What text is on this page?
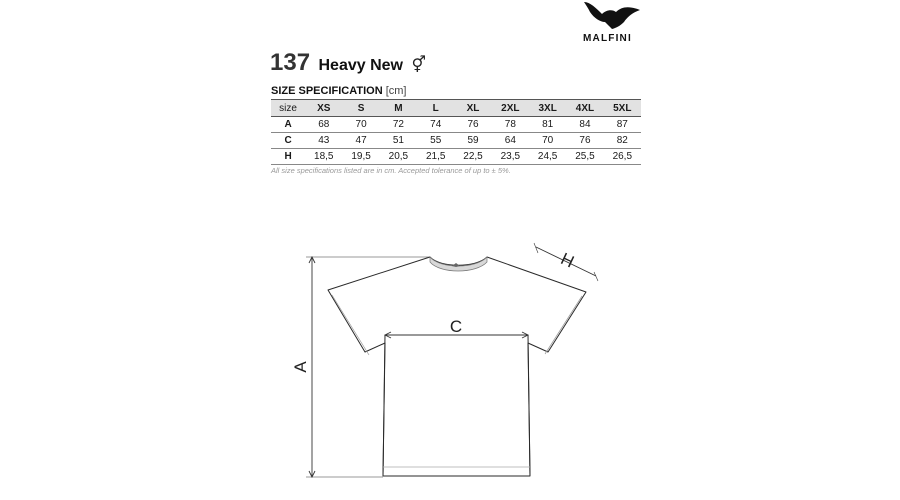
MALFINI
137 Heavy New ⚥
SIZE SPECIFICATION [cm]
size	XS	S	M	L	XL	2XL	3XL	4XL	5XL
A	68	70	72	74	76	78	81	84	87
C	43	47	51	55	59	64	70	76	82
H	18,5	19,5	20,5	21,5	22,5	23,5	24,5	25,5	26,5
All size specifications listed are in cm. Accepted tolerance of up to ± 5%.
A
C
H
